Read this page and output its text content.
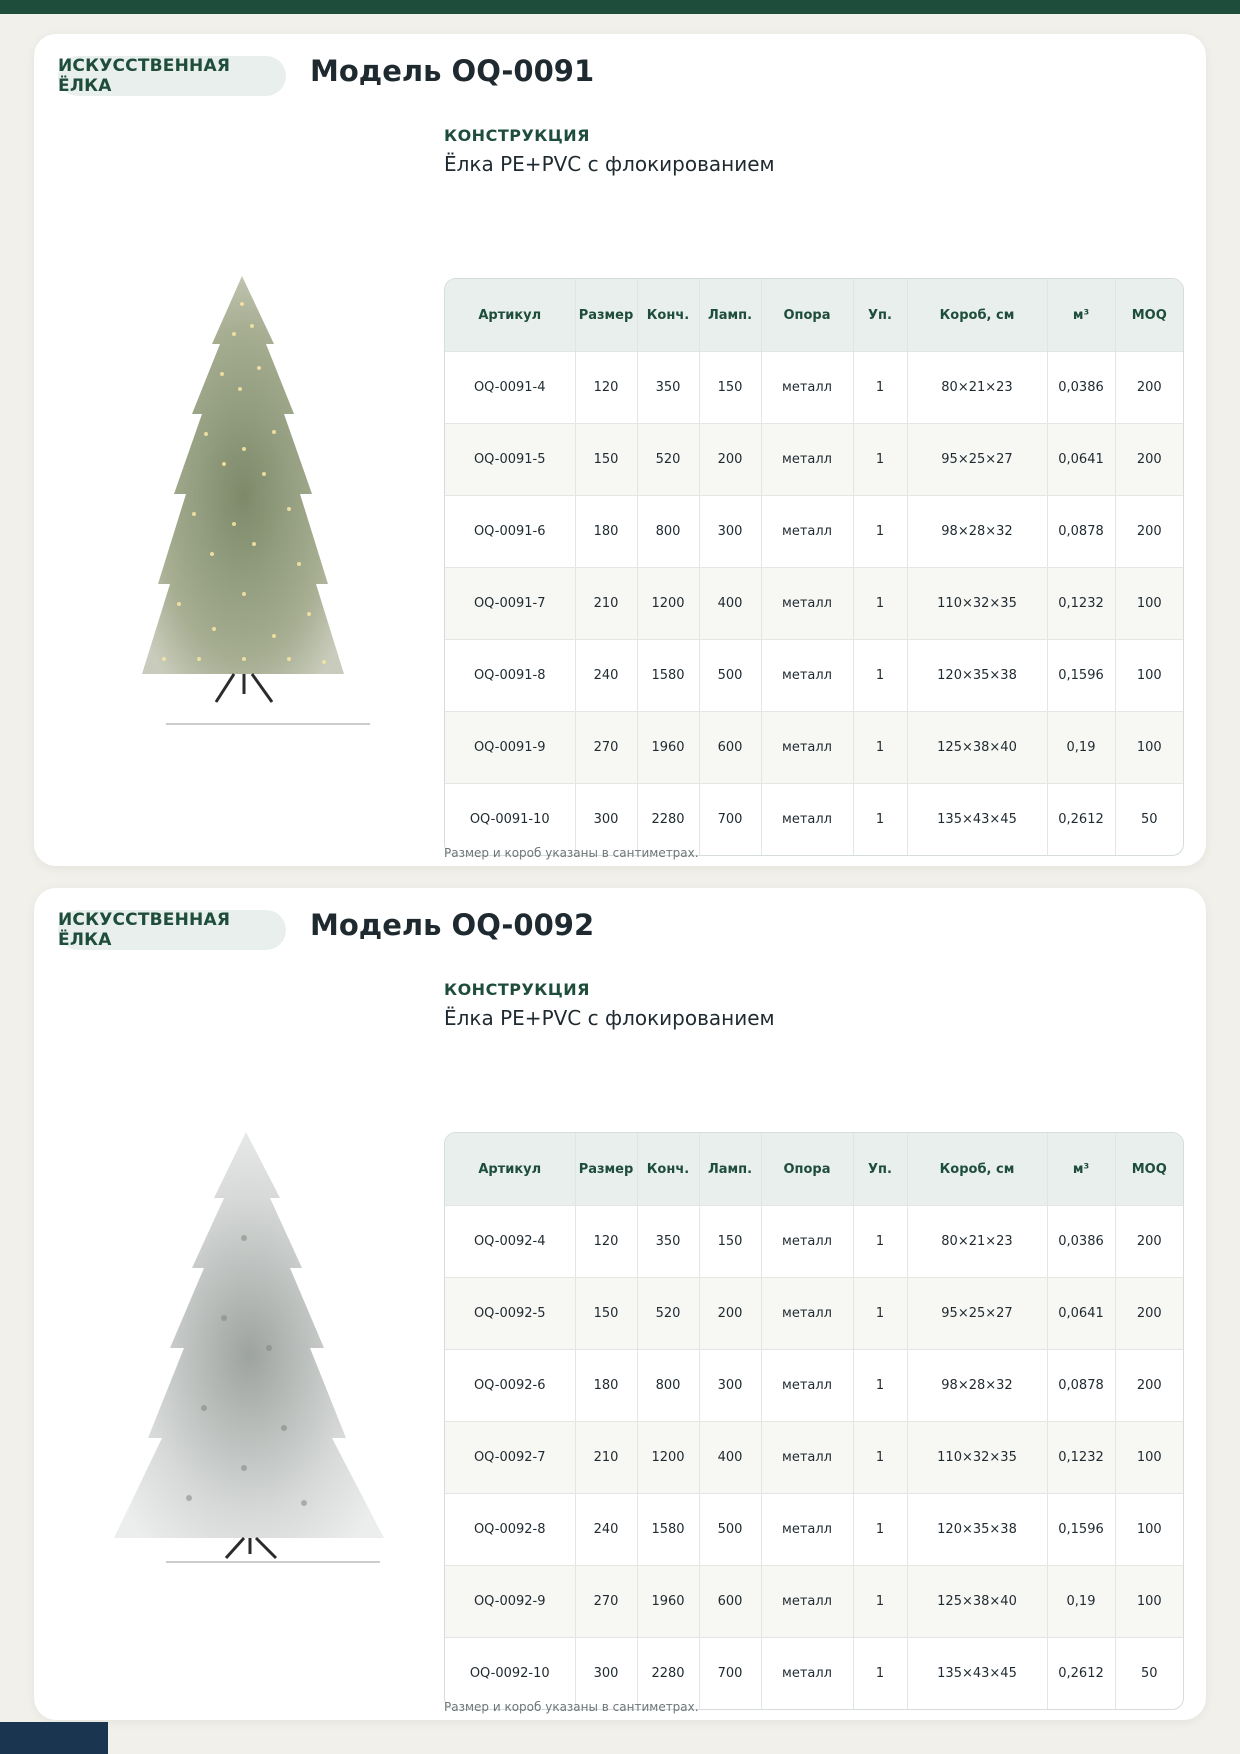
ИСКУССТВЕННАЯ ЁЛКА	Модель OQ-0091
КОНСТРУКЦИЯ
Ёлка PE+PVC с флокированием
Артикул	Размер	Конч.	Ламп.	Опора	Уп.	Короб, см	м³	MOQ
OQ-0091-4	120	350	150	металл	1	80×21×23	0,0386	200
OQ-0091-5	150	520	200	металл	1	95×25×27	0,0641	200
OQ-0091-6	180	800	300	металл	1	98×28×32	0,0878	200
OQ-0091-7	210	1200	400	металл	1	110×32×35	0,1232	100
OQ-0091-8	240	1580	500	металл	1	120×35×38	0,1596	100
OQ-0091-9	270	1960	600	металл	1	125×38×40	0,19	100
OQ-0091-10	300	2280	700	металл	1	135×43×45	0,2612	50
Размер и короб указаны в сантиметрах.
ИСКУССТВЕННАЯ ЁЛКА	Модель OQ-0092
КОНСТРУКЦИЯ
Ёлка PE+PVC с флокированием
Артикул	Размер	Конч.	Ламп.	Опора	Уп.	Короб, см	м³	MOQ
OQ-0092-4	120	350	150	металл	1	80×21×23	0,0386	200
OQ-0092-5	150	520	200	металл	1	95×25×27	0,0641	200
OQ-0092-6	180	800	300	металл	1	98×28×32	0,0878	200
OQ-0092-7	210	1200	400	металл	1	110×32×35	0,1232	100
OQ-0092-8	240	1580	500	металл	1	120×35×38	0,1596	100
OQ-0092-9	270	1960	600	металл	1	125×38×40	0,19	100
OQ-0092-10	300	2280	700	металл	1	135×43×45	0,2612	50
Размер и короб указаны в сантиметрах.
